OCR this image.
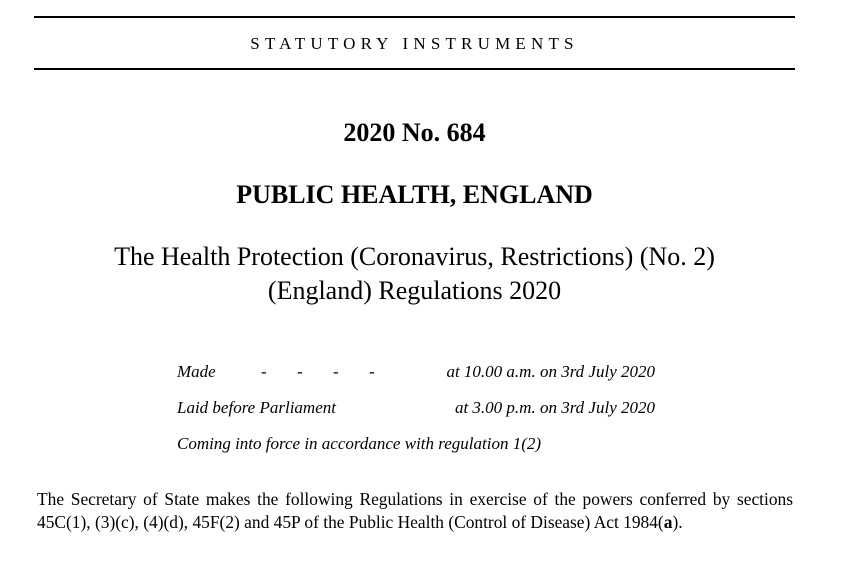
STATUTORY INSTRUMENTS
2020 No. 684
PUBLIC HEALTH, ENGLAND
The Health Protection (Coronavirus, Restrictions) (No. 2)
(England) Regulations 2020
Made	- - - -	at 10.00 a.m. on 3rd July 2020
Laid before Parliament	at 3.00 p.m. on 3rd July 2020
Coming into force in accordance with regulation 1(2)
The Secretary of State makes the following Regulations in exercise of the powers conferred by sections 45C(1), (3)(c), (4)(d), 45F(2) and 45P of the Public Health (Control of Disease) Act 1984(a).
